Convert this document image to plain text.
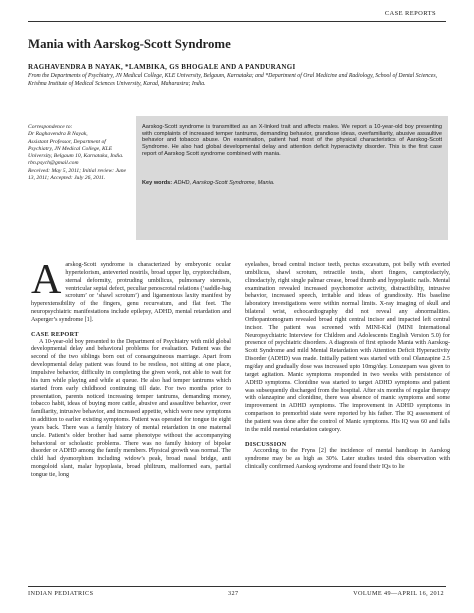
CASE REPORTS
Mania with Aarskog-Scott Syndrome
RAGHAVENDRA B NAYAK, *LAMBIKA, GS BHOGALE AND A PANDURANGI
From the Departments of Psychiatry, JN Medical College, KLE University, Belgaum, Karnataka; and *Department of Oral Medicine and Radiology, School of Dental Sciences, Krishna Institute of Medical Sciences University, Karad, Maharastra; India.
Correspondence to:
Dr Raghavendra B Nayak,
Assistant Professor, Department of
Psychiatry, JN Medical College, KLE
University, Belgaum 10, Karnataka, India.
rbn.psych@gmail.com
Received: May 5, 2011; Initial review: June
13, 2011; Accepted: July 26, 2011.
Aarskog-Scott syndrome is transmitted as an X-linked trait and affects males. We report a 10-year-old boy presenting with complaints of increased temper tantrums, demanding behavior, grandiose ideas, overfamiliarity, abusive assaultive behavior and tobacco abuse. On examination, patient had most of the physical characteristics of Aarskog-Scott Syndrome. He also had global developmental delay and attention deficit hyperactivity disorder. This is the first case report of Aarskog Scott syndrome combined with mania.
Key words: ADHD, Aarskog-Scott Syndrome, Mania.

Aarskog-Scott syndrome is characterized by embryonic ocular hypertelorism, anteverted nostrils, broad upper lip, cryptorchidism, sternal deformity, protruding umbilicus, pulmonary stenosis, ventricular septal defect, peculiar penoscrotal relations (‘saddle-bag scrotum’ or ‘shawl scrotum’) and ligamentous laxity manifest by hyperextensibility of the fingers, genu recurvatum, and flat feet. The neuropsychiatric manifestations include epilepsy, ADHD, mental retardation and Asperger’s syndrome [1].

CASE REPORT

A 10-year-old boy presented to the Department of Psychiatry with mild global developmental delay and behavioral problems for evaluation. Patient was the second of the two siblings born out of consanguineous marriage. Apart from developmental delay patient was found to be restless, not sitting at one place, impulsive behavior, difficulty in completing the given work, not able to wait for his turn while playing and while at queue. He also had temper tantrums which started from early childhood continuing till date. For two months prior to presentation, parents noticed increasing temper tantrums, demanding money, tobacco habit, ideas of buying more cattle, abusive and assaultive behavior, over familiarity, intrusive behavior, and increased appetite, which were new symptoms in addition to earlier existing symptoms. Patient was operated for tongue tie eight years back. There was a family history of mental retardation in one maternal uncle. Patient’s older brother had same phenotype without the accompanying behavioral or scholastic problems. There was no family history of bipolar disorder or ADHD among the family members. Physical growth was normal. The child had dysmorphism including widow’s peak, broad nasal bridge, anti mongoloid slant, malar hypoplasia, broad philtrum, malformed ears, partial tongue tie, long

eyelashes, broad central incisor teeth, pectus excavatum, pot belly with everted umbilicus, shawl scrotum, retractile testis, short fingers, camptodactyly, clinodactyly, right single palmar crease, broad thumb and hypoplastic nails. Mental examination revealed increased psychomotor activity, distractibility, intrusive behavior, increased speech, irritable and ideas of grandiosity. His baseline laboratory investigations were within normal limits. X-ray imaging of skull and bilateral wrist, echocardiography did not reveal any abnormalities. Orthopantomogram revealed broad right central incisor and impacted left central incisor. The patient was screened with MINI-Kid (MINI International Neuropsychiatric Interview for Children and Adolescents English Version 5.0) for presence of psychiatric disorders. A diagnosis of first episode Mania with Aarskog-Scott Syndrome and mild Mental Retardation with Attention Deficit Hyperactivity Disorder (ADHD) was made. Initially patient was started with oral Olanzapine 2.5 mg/day and gradually dose was increased upto 10mg/day. Lorazepam was given to target agitation. Manic symptoms responded in two weeks with persistence of ADHD symptoms. Clonidine was started to target ADHD symptoms and patient was subsequently discharged from the hospital. After six months of regular therapy with olanzapine and clonidine, there was absence of manic symptoms and some improvement in ADHD symptoms. The improvement in ADHD symptoms in comparison to premorbid state were reported by his father. The IQ assessment of the patient was done after the control of Manic symptoms. His IQ was 60 and falls in the mild mental retardation category.

DISCUSSION

According to the Fryns [2] the incidence of mental handicap in Aarskog syndrome may be as high as 30%. Later studies tested this observation with clinically confirmed Aarskog syndrome and found their IQs to lie

INDIAN PEDIATRICS	327	VOLUME 49—APRIL 16, 2012
